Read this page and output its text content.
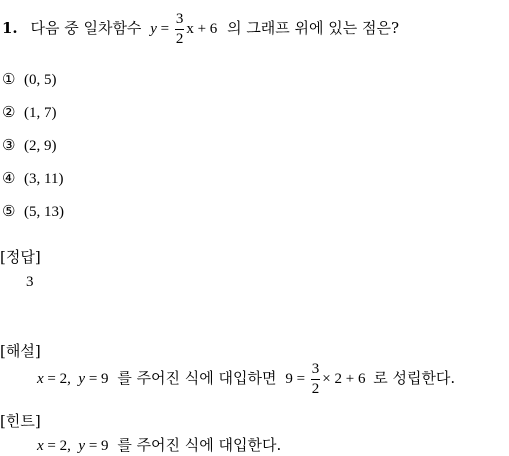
1. 다음 중 일차함수 $y = \frac{3}{2}$ x + 6 의 그래프 위에 있는 점은?
① (0, 5)
② (1, 7)
③ (2, 9)
④ (3, 11)
⑤ (5, 13)
[정답]
3
[해설]
x = 2,  y = 9 를 주어진 식에 대입하면 $9 = \frac{3}{2} \times 2 + 6$ 로 성립한다.
[힌트]
x = 2,  y = 9 를 주어진 식에 대입한다.
